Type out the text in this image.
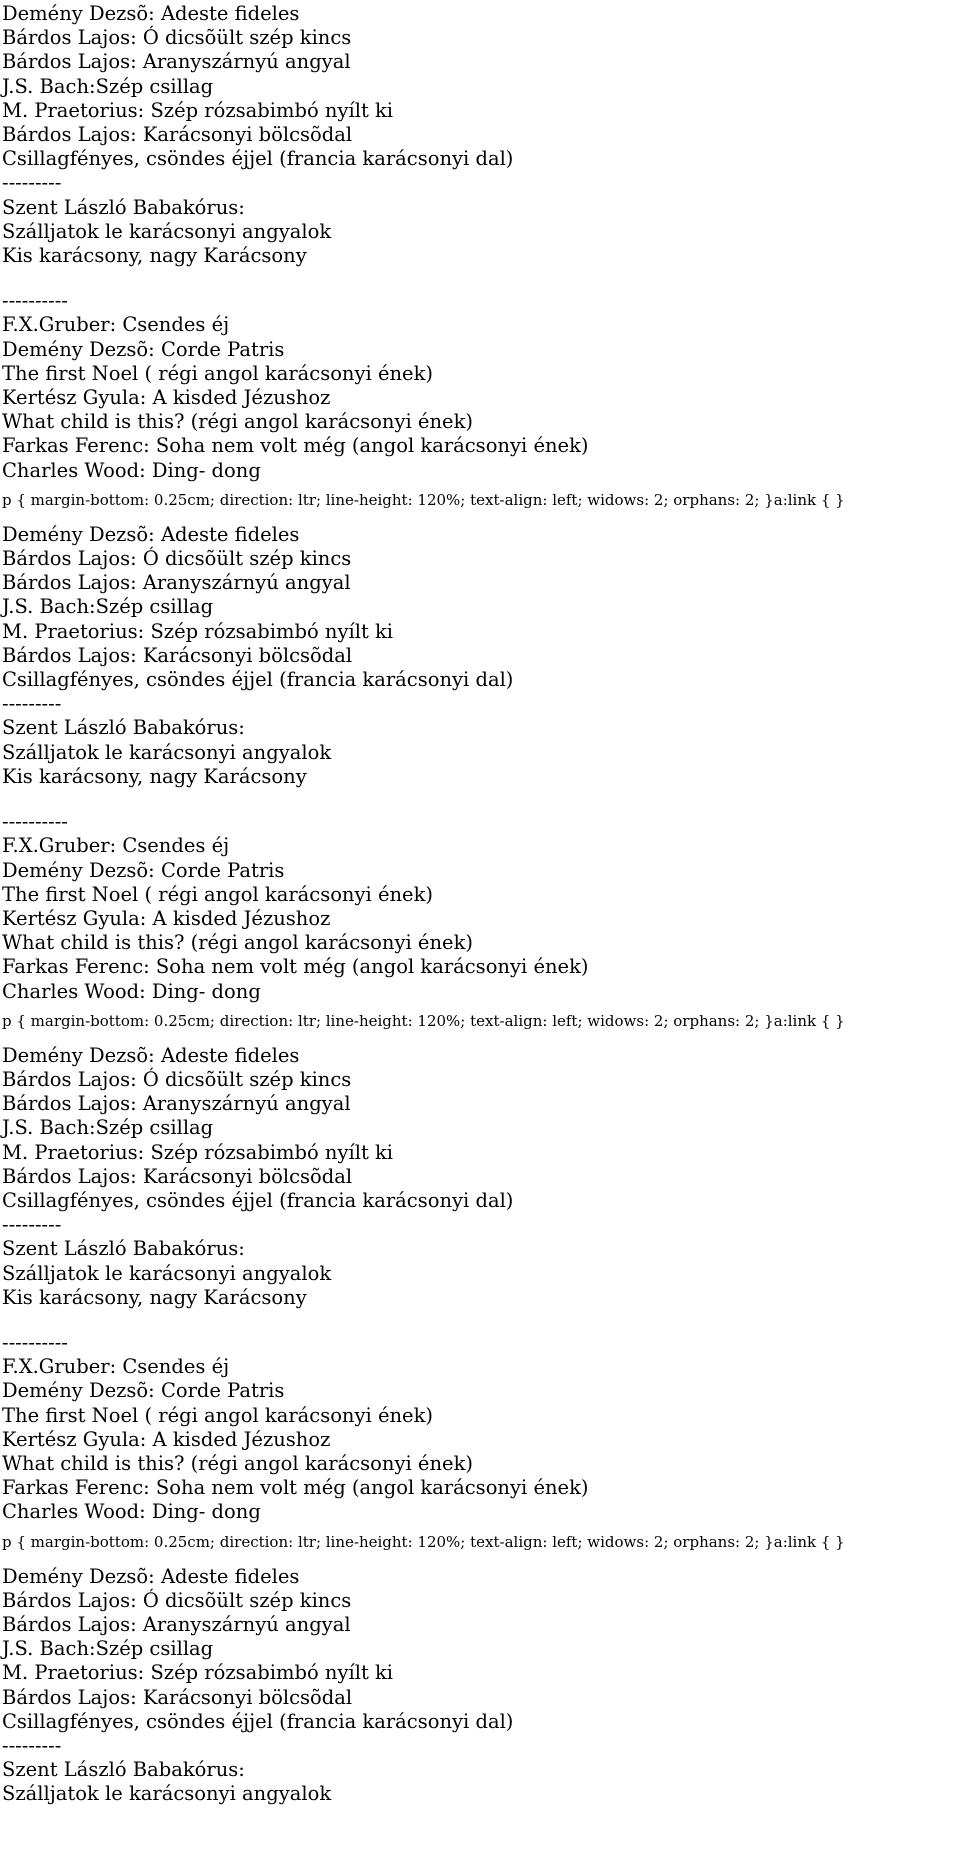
Demény Dezsõ: Adeste fideles
Bárdos Lajos: Ó dicsõült szép kincs
Bárdos Lajos: Aranyszárnyú angyal
J.S. Bach:Szép csillag
M. Praetorius: Szép rózsabimbó nyílt ki
Bárdos Lajos: Karácsonyi bölcsõdal
Csillagfényes, csöndes éjjel (francia karácsonyi dal)
---------
Szent László Babakórus:
Szálljatok le karácsonyi angyalok
Kis karácsony, nagy Karácsony
----------
F.X.Gruber: Csendes éj
Demény Dezsõ: Corde Patris
The first Noel ( régi angol karácsonyi ének)
Kertész Gyula: A kisded Jézushoz
What child is this? (régi angol karácsonyi ének)
Farkas Ferenc: Soha nem volt még (angol karácsonyi ének)
Charles Wood: Ding- dong
p { margin-bottom: 0.25cm; direction: ltr; line-height: 120%; text-align: left; widows: 2; orphans: 2; }a:link { }
Demény Dezsõ: Adeste fideles
Bárdos Lajos: Ó dicsõült szép kincs
Bárdos Lajos: Aranyszárnyú angyal
J.S. Bach:Szép csillag
M. Praetorius: Szép rózsabimbó nyílt ki
Bárdos Lajos: Karácsonyi bölcsõdal
Csillagfényes, csöndes éjjel (francia karácsonyi dal)
---------
Szent László Babakórus:
Szálljatok le karácsonyi angyalok
Kis karácsony, nagy Karácsony
----------
F.X.Gruber: Csendes éj
Demény Dezsõ: Corde Patris
The first Noel ( régi angol karácsonyi ének)
Kertész Gyula: A kisded Jézushoz
What child is this? (régi angol karácsonyi ének)
Farkas Ferenc: Soha nem volt még (angol karácsonyi ének)
Charles Wood: Ding- dong
p { margin-bottom: 0.25cm; direction: ltr; line-height: 120%; text-align: left; widows: 2; orphans: 2; }a:link { }
Demény Dezsõ: Adeste fideles
Bárdos Lajos: Ó dicsõült szép kincs
Bárdos Lajos: Aranyszárnyú angyal
J.S. Bach:Szép csillag
M. Praetorius: Szép rózsabimbó nyílt ki
Bárdos Lajos: Karácsonyi bölcsõdal
Csillagfényes, csöndes éjjel (francia karácsonyi dal)
---------
Szent László Babakórus:
Szálljatok le karácsonyi angyalok
Kis karácsony, nagy Karácsony
----------
F.X.Gruber: Csendes éj
Demény Dezsõ: Corde Patris
The first Noel ( régi angol karácsonyi ének)
Kertész Gyula: A kisded Jézushoz
What child is this? (régi angol karácsonyi ének)
Farkas Ferenc: Soha nem volt még (angol karácsonyi ének)
Charles Wood: Ding- dong
p { margin-bottom: 0.25cm; direction: ltr; line-height: 120%; text-align: left; widows: 2; orphans: 2; }a:link { }
Demény Dezsõ: Adeste fideles
Bárdos Lajos: Ó dicsõült szép kincs
Bárdos Lajos: Aranyszárnyú angyal
J.S. Bach:Szép csillag
M. Praetorius: Szép rózsabimbó nyílt ki
Bárdos Lajos: Karácsonyi bölcsõdal
Csillagfényes, csöndes éjjel (francia karácsonyi dal)
---------
Szent László Babakórus:
Szálljatok le karácsonyi angyalok
